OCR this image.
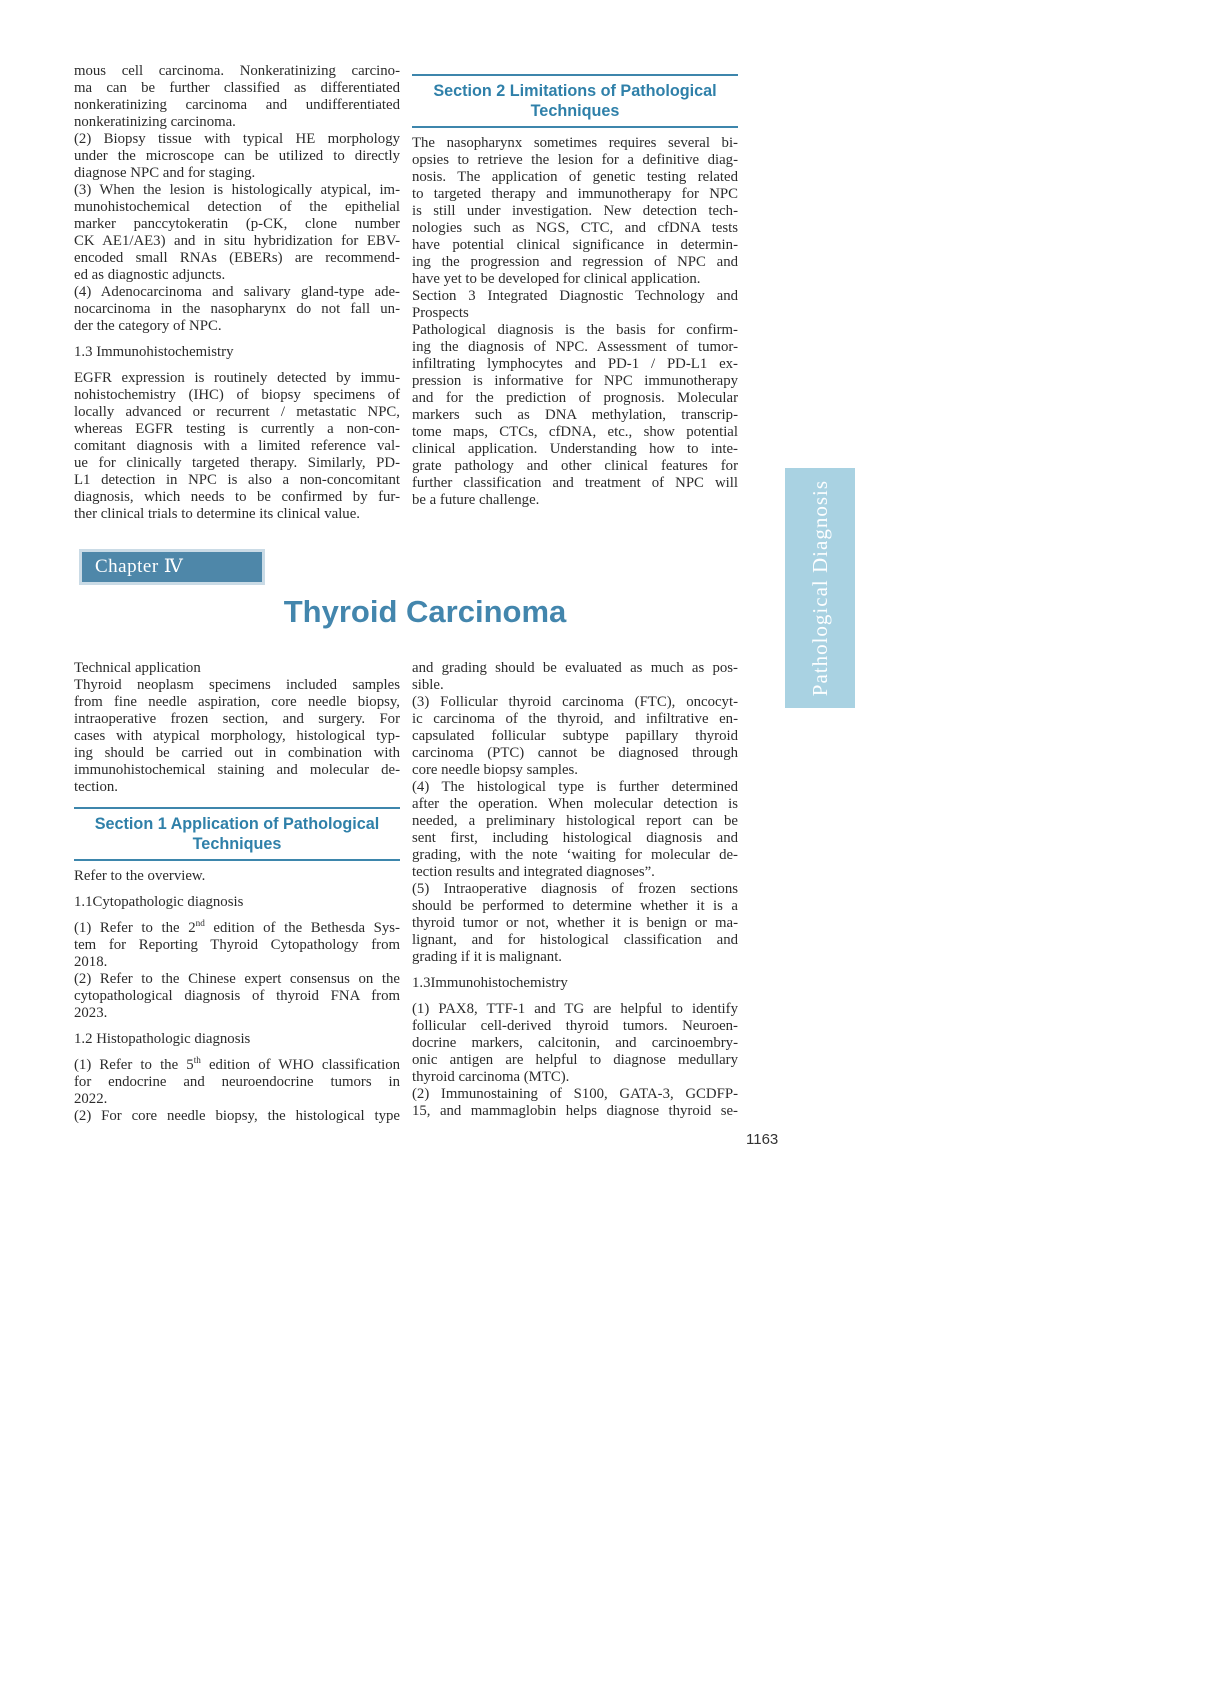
mous cell carcinoma. Nonkeratinizing carcino-
ma can be further classified as differentiated
nonkeratinizing carcinoma and undifferentiated
nonkeratinizing carcinoma.

(2) Biopsy tissue with typical HE morphology
under the microscope can be utilized to directly
diagnose NPC and for staging.

(3) When the lesion is histologically atypical, im-
munohistochemical detection of the epithelial
marker panccytokeratin (p-CK, clone number
CK AE1/AE3) and in situ hybridization for EBV-
encoded small RNAs (EBERs) are recommend-
ed as diagnostic adjuncts.

(4) Adenocarcinoma and salivary gland-type ade-
nocarcinoma in the nasopharynx do not fall un-
der the category of NPC.

1.3 Immunohistochemistry

EGFR expression is routinely detected by immu-
nohistochemistry (IHC) of biopsy specimens of
locally advanced or recurrent / metastatic NPC,
whereas EGFR testing is currently a non-con-
comitant diagnosis with a limited reference val-
ue for clinically targeted therapy. Similarly, PD-
L1 detection in NPC is also a non-concomitant
diagnosis, which needs to be confirmed by fur-
ther clinical trials to determine its clinical value.

Section 2 Limitations of Pathological
Techniques

The nasopharynx sometimes requires several bi-
opsies to retrieve the lesion for a definitive diag-
nosis. The application of genetic testing related
to targeted therapy and immunotherapy for NPC
is still under investigation. New detection tech-
nologies such as NGS, CTC, and cfDNA tests
have potential clinical significance in determin-
ing the progression and regression of NPC and
have yet to be developed for clinical application.

Section 3 Integrated Diagnostic Technology and
Prospects

Pathological diagnosis is the basis for confirm-
ing the diagnosis of NPC. Assessment of tumor-
infiltrating lymphocytes and PD-1 / PD-L1 ex-
pression is informative for NPC immunotherapy
and for the prediction of prognosis. Molecular
markers such as DNA methylation, transcrip-
tome maps, CTCs, cfDNA, etc., show potential
clinical application. Understanding how to inte-
grate pathology and other clinical features for
further classification and treatment of NPC will
be a future challenge.

Chapter Ⅳ
Thyroid Carcinoma

Technical application

Thyroid neoplasm specimens included samples
from fine needle aspiration, core needle biopsy,
intraoperative frozen section, and surgery. For
cases with atypical morphology, histological typ-
ing should be carried out in combination with
immunohistochemical staining and molecular de-
tection.

Section 1 Application of Pathological
Techniques

Refer to the overview.

1.1Cytopathologic diagnosis

(1) Refer to the 2nd edition of the Bethesda Sys-
tem for Reporting Thyroid Cytopathology from
2018.

(2) Refer to the Chinese expert consensus on the
cytopathological diagnosis of thyroid FNA from
2023.

1.2 Histopathologic diagnosis

(1) Refer to the 5th edition of WHO classification
for endocrine and neuroendocrine tumors in
2022.

(2) For core needle biopsy, the histological type

and grading should be evaluated as much as pos-
sible.

(3) Follicular thyroid carcinoma (FTC), oncocyt-
ic carcinoma of the thyroid, and infiltrative en-
capsulated follicular subtype papillary thyroid
carcinoma (PTC) cannot be diagnosed through
core needle biopsy samples.

(4) The histological type is further determined
after the operation. When molecular detection is
needed, a preliminary histological report can be
sent first, including histological diagnosis and
grading, with the note ‘waiting for molecular de-
tection results and integrated diagnoses”.

(5) Intraoperative diagnosis of frozen sections
should be performed to determine whether it is a
thyroid tumor or not, whether it is benign or ma-
lignant, and for histological classification and
grading if it is malignant.

1.3Immunohistochemistry

(1) PAX8, TTF-1 and TG are helpful to identify
follicular cell-derived thyroid tumors. Neuroen-
docrine markers, calcitonin, and carcinoembry-
onic antigen are helpful to diagnose medullary
thyroid carcinoma (MTC).

(2) Immunostaining of S100, GATA-3, GCDFP-
15, and mammaglobin helps diagnose thyroid se-

Pathological Diagnosis
1163
